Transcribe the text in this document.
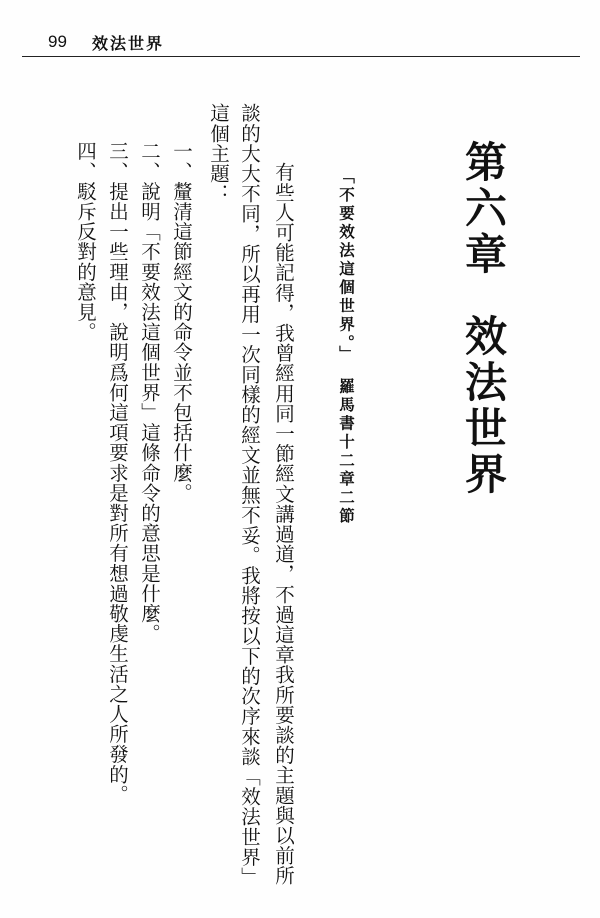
99 效法世界
第六章效法世界
「不要效法這個世界。」羅馬書十二章二節
有些人可能記得，我曾經用同一節經文講過道，不過這章我所要談的主題與以前所
談的大大不同，所以再用一次同樣的經文並無不妥。我將按以下的次序來談「效法世界」
這個主題：
一、釐清這節經文的命令並不包括什麼。
二、說明「不要效法這個世界」這條命令的意思是什麼。
三、提出一些理由，說明爲何這項要求是對所有想過敬虔生活之人所發的。
四、駁斥反對的意見。
